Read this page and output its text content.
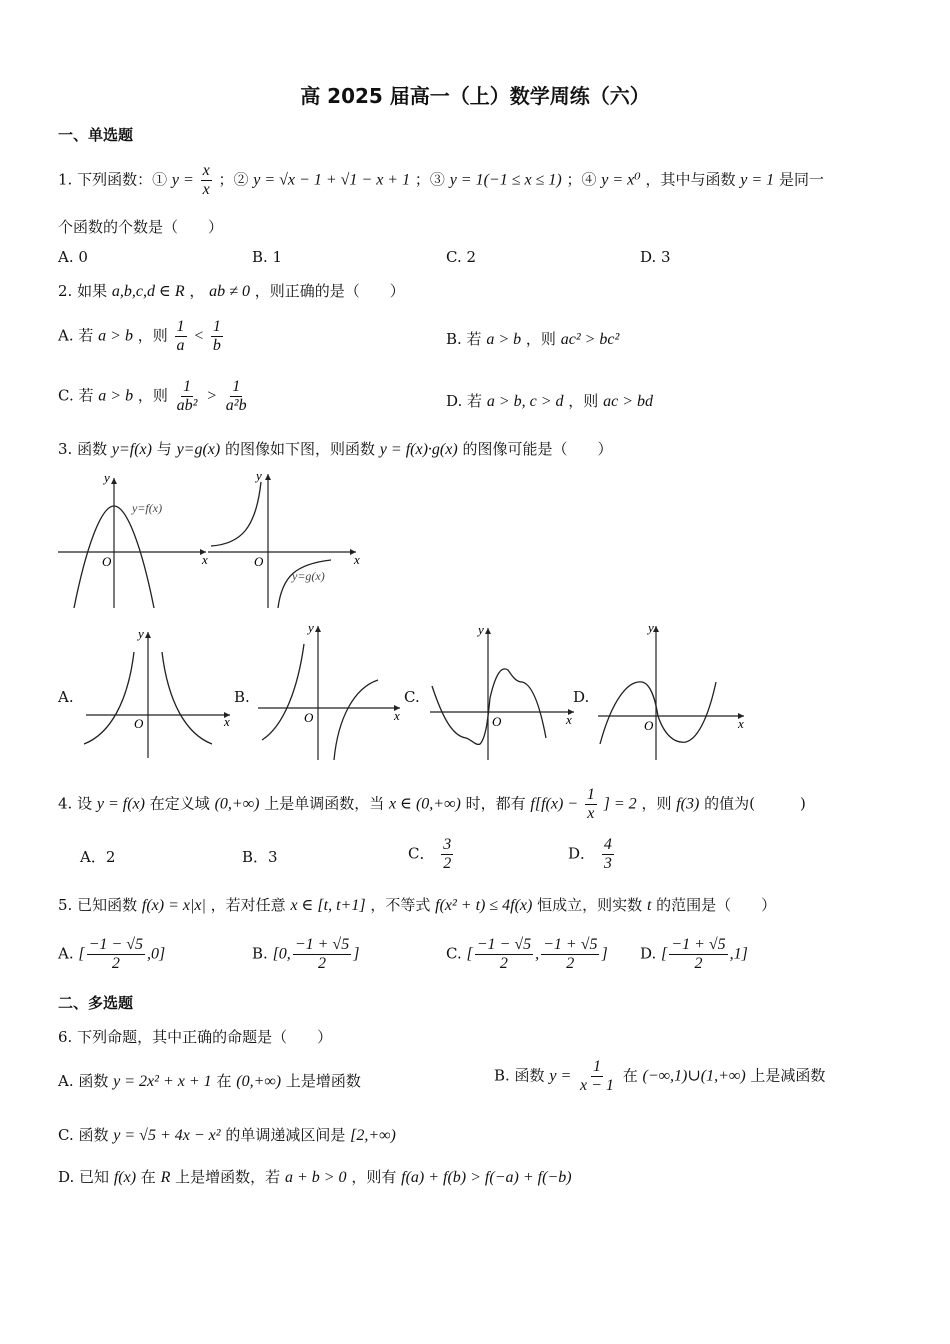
高 2025 届高一（上）数学周练（六）
一、单选题
1. 下列函数：① $y = \frac{x}{x}$ ；② y = √x − 1 + √1 − x + 1 ；③ y = 1(−1 ≤ x ≤ 1) ；④ y = x⁰ ，其中与函数 y = 1 是同一
个函数的个数是（　　）
A. 0	B. 1	C. 2	D. 3
2. 如果 a,b,c,d ∈ R ， ab ≠ 0 ，则正确的是（　　）
A. 若 a > b ，则 $\frac{1}{a} < \frac{1}{b}$	B. 若 a > b ，则 ac² > bc²
C. 若 a > b ，则 $\frac{1}{\text{ab²}} > \frac{1}{\text{a²b}}$	D. 若 a > b, c > d ，则 ac > bd
3. 函数 y=f(x) 与 y=g(x) 的图像如下图，则函数 y = f(x)·g(x) 的图像可能是（　　）
y
x
O
y=f(x)
y
x
O
y=g(x)
A.
y
x
O
B.
y
x
O
C.
y
x
O
D.
y
x
O
4. 设 y = f(x) 在定义域 (0,+∞) 上是单调函数，当 x ∈ (0,+∞) 时，都有 $f[f(x) - \frac{1}{x}$ ] = 2 ，则 f(3) 的值为(　　　)
A．2	B．3	C． $\frac{3}{2}$	D． $\frac{4}{3}$
5. 已知函数 f(x) = x|x| ，若对任意 x ∈ [t, t+1] ，不等式 f(x² + t) ≤ 4f(x) 恒成立，则实数 t 的范围是（　　）
A. [ $\frac{-1 - √5}{2} ,0$]	B. [0, $\frac{-1 + √5}{2}$ ]	C. [ $\frac{-1 - √5}{2}$ , $\frac{-1 + √5}{2}$ ] D. [ $\frac{-1 + √5}{2} ,1$]
二、多选题
6. 下列命题，其中正确的命题是（　　）
A. 函数 y = 2x² + x + 1 在 (0,+∞) 上是增函数	B. 函数 $y = \frac{1}{x - 1}$ 在 (−∞,1)∪(1,+∞) 上是减函数
C. 函数 y = √5 + 4x − x² 的单调递减区间是 [2,+∞)
D. 已知 f(x) 在 R 上是增函数，若 a + b > 0 ，则有 f(a) + f(b) > f(−a) + f(−b)
